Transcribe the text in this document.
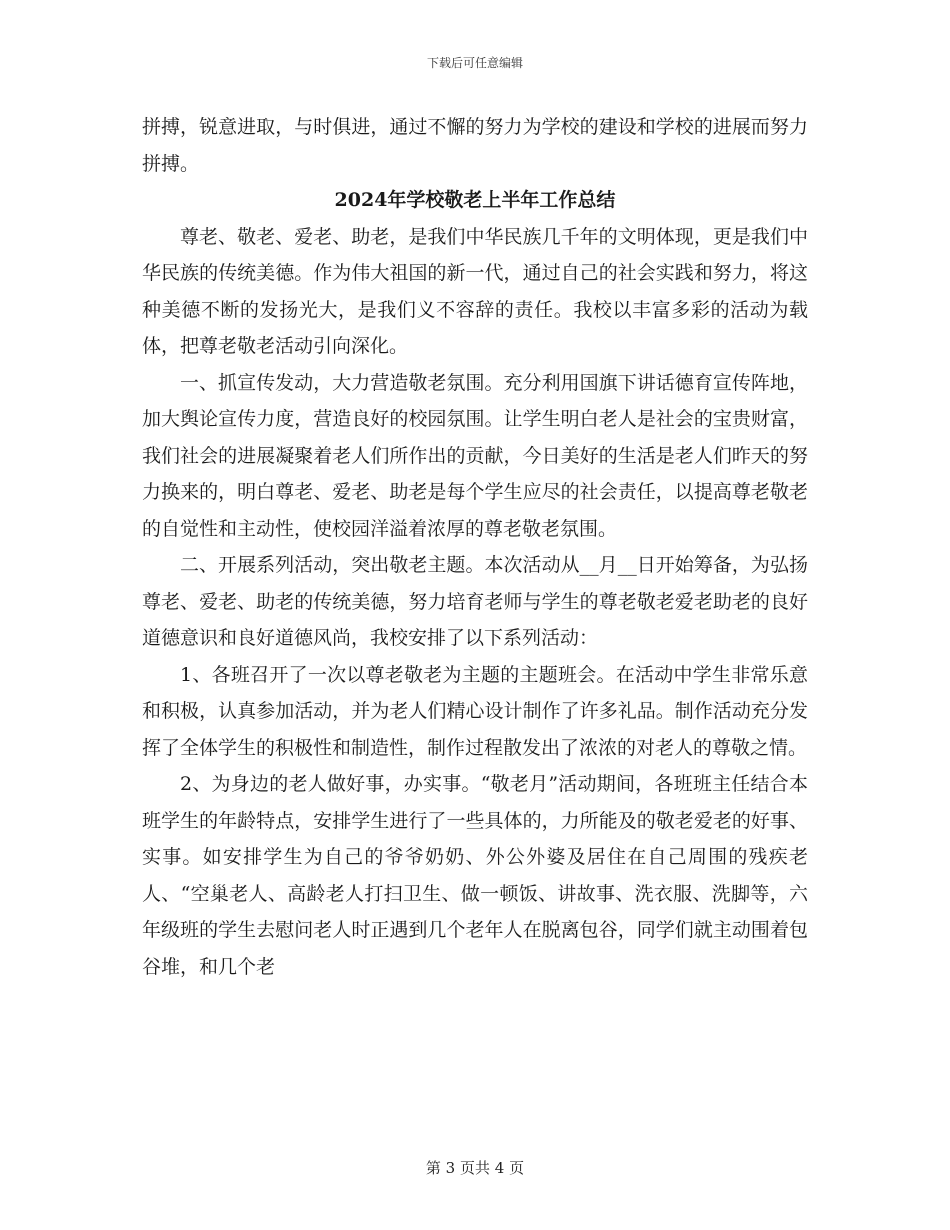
下载后可任意编辑

拼搏，锐意进取，与时俱进，通过不懈的努力为学校的建设和学校的进展而努力拼搏。

2024年学校敬老上半年工作总结

尊老、敬老、爱老、助老，是我们中华民族几千年的文明体现，更是我们中华民族的传统美德。作为伟大祖国的新一代，通过自己的社会实践和努力，将这种美德不断的发扬光大，是我们义不容辞的责任。我校以丰富多彩的活动为载体，把尊老敬老活动引向深化。

一、抓宣传发动，大力营造敬老氛围。充分利用国旗下讲话德育宣传阵地，加大舆论宣传力度，营造良好的校园氛围。让学生明白老人是社会的宝贵财富，我们社会的进展凝聚着老人们所作出的贡献，今日美好的生活是老人们昨天的努力换来的，明白尊老、爱老、助老是每个学生应尽的社会责任，以提高尊老敬老的自觉性和主动性，使校园洋溢着浓厚的尊老敬老氛围。

二、开展系列活动，突出敬老主题。本次活动从__月__日开始筹备，为弘扬尊老、爱老、助老的传统美德，努力培育老师与学生的尊老敬老爱老助老的良好道德意识和良好道德风尚，我校安排了以下系列活动：

1、各班召开了一次以尊老敬老为主题的主题班会。在活动中学生非常乐意和积极，认真参加活动，并为老人们精心设计制作了许多礼品。制作活动充分发挥了全体学生的积极性和制造性，制作过程散发出了浓浓的对老人的尊敬之情。

2、为身边的老人做好事，办实事。“敬老月”活动期间，各班班主任结合本班学生的年龄特点，安排学生进行了一些具体的，力所能及的敬老爱老的好事、实事。如安排学生为自己的爷爷奶奶、外公外婆及居住在自己周围的残疾老人、“空巢老人、高龄老人打扫卫生、做一顿饭、讲故事、洗衣服、洗脚等，六年级班的学生去慰问老人时正遇到几个老年人在脱离包谷，同学们就主动围着包谷堆，和几个老

第 3 页共 4 页
